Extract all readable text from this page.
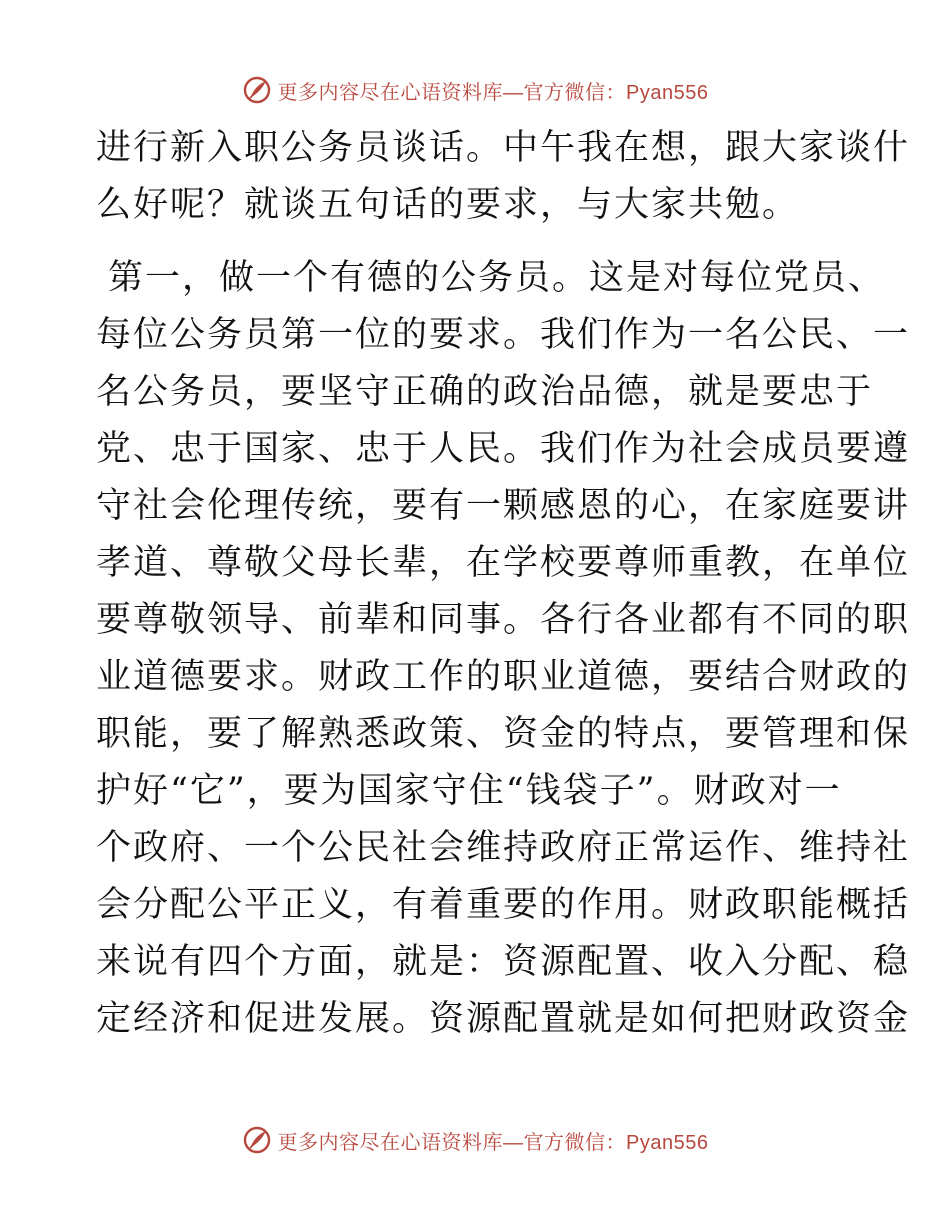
更多内容尽在心语资料库—官方微信：Pyan556
进行新入职公务员谈话。中午我在想，跟大家谈什
么好呢？就谈五句话的要求，与大家共勉。
第一，做一个有德的公务员。这是对每位党员、
每位公务员第一位的要求。我们作为一名公民、一
名公务员，要坚守正确的政治品德，就是要忠于
党、忠于国家、忠于人民。我们作为社会成员要遵
守社会伦理传统，要有一颗感恩的心，在家庭要讲
孝道、尊敬父母长辈，在学校要尊师重教，在单位
要尊敬领导、前辈和同事。各行各业都有不同的职
业道德要求。财政工作的职业道德，要结合财政的
职能，要了解熟悉政策、资金的特点，要管理和保
护好“它”，要为国家守住“钱袋子”。财政对一
个政府、一个公民社会维持政府正常运作、维持社
会分配公平正义，有着重要的作用。财政职能概括
来说有四个方面，就是：资源配置、收入分配、稳
定经济和促进发展。资源配置就是如何把财政资金
更多内容尽在心语资料库—官方微信：Pyan556
